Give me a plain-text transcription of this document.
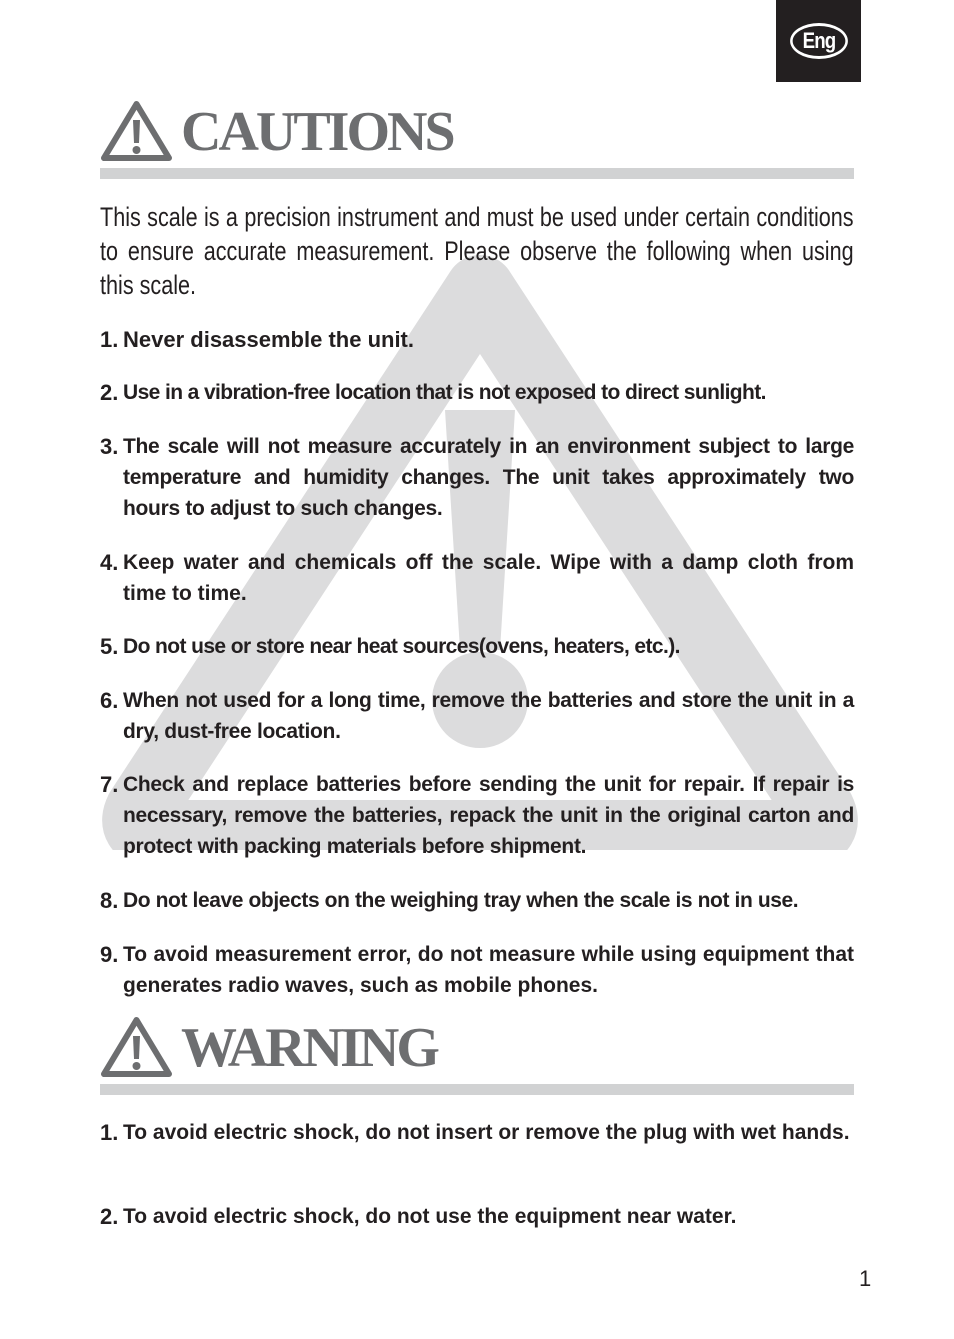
Eng
CAUTIONS
This scale is a precision instrument and must be used under certain conditions to ensure accurate measurement. Please observe the following when using this scale.
1. Never disassemble the unit.
2. Use in a vibration-free location that is not exposed to direct sunlight.
3. The scale will not measure accurately in an environment subject to large temperature and humidity changes. The unit takes approximately two hours to adjust to such changes.
4. Keep water and chemicals off the scale. Wipe with a damp cloth from time to time.
5. Do not use or store near heat sources(ovens, heaters, etc.).
6. When not used for a long time, remove the batteries and store the unit in a dry, dust-free location.
7. Check and replace batteries before sending the unit for repair. If repair is necessary, remove the batteries, repack the unit in the original carton and protect with packing materials before shipment.
8. Do not leave objects on the weighing tray when the scale is not in use.
9. To avoid measurement error, do not measure while using equipment that generates radio waves, such as mobile phones.
WARNING
1. To avoid electric shock, do not insert or remove the plug with wet hands.
2. To avoid electric shock, do not use the equipment near water.
1
